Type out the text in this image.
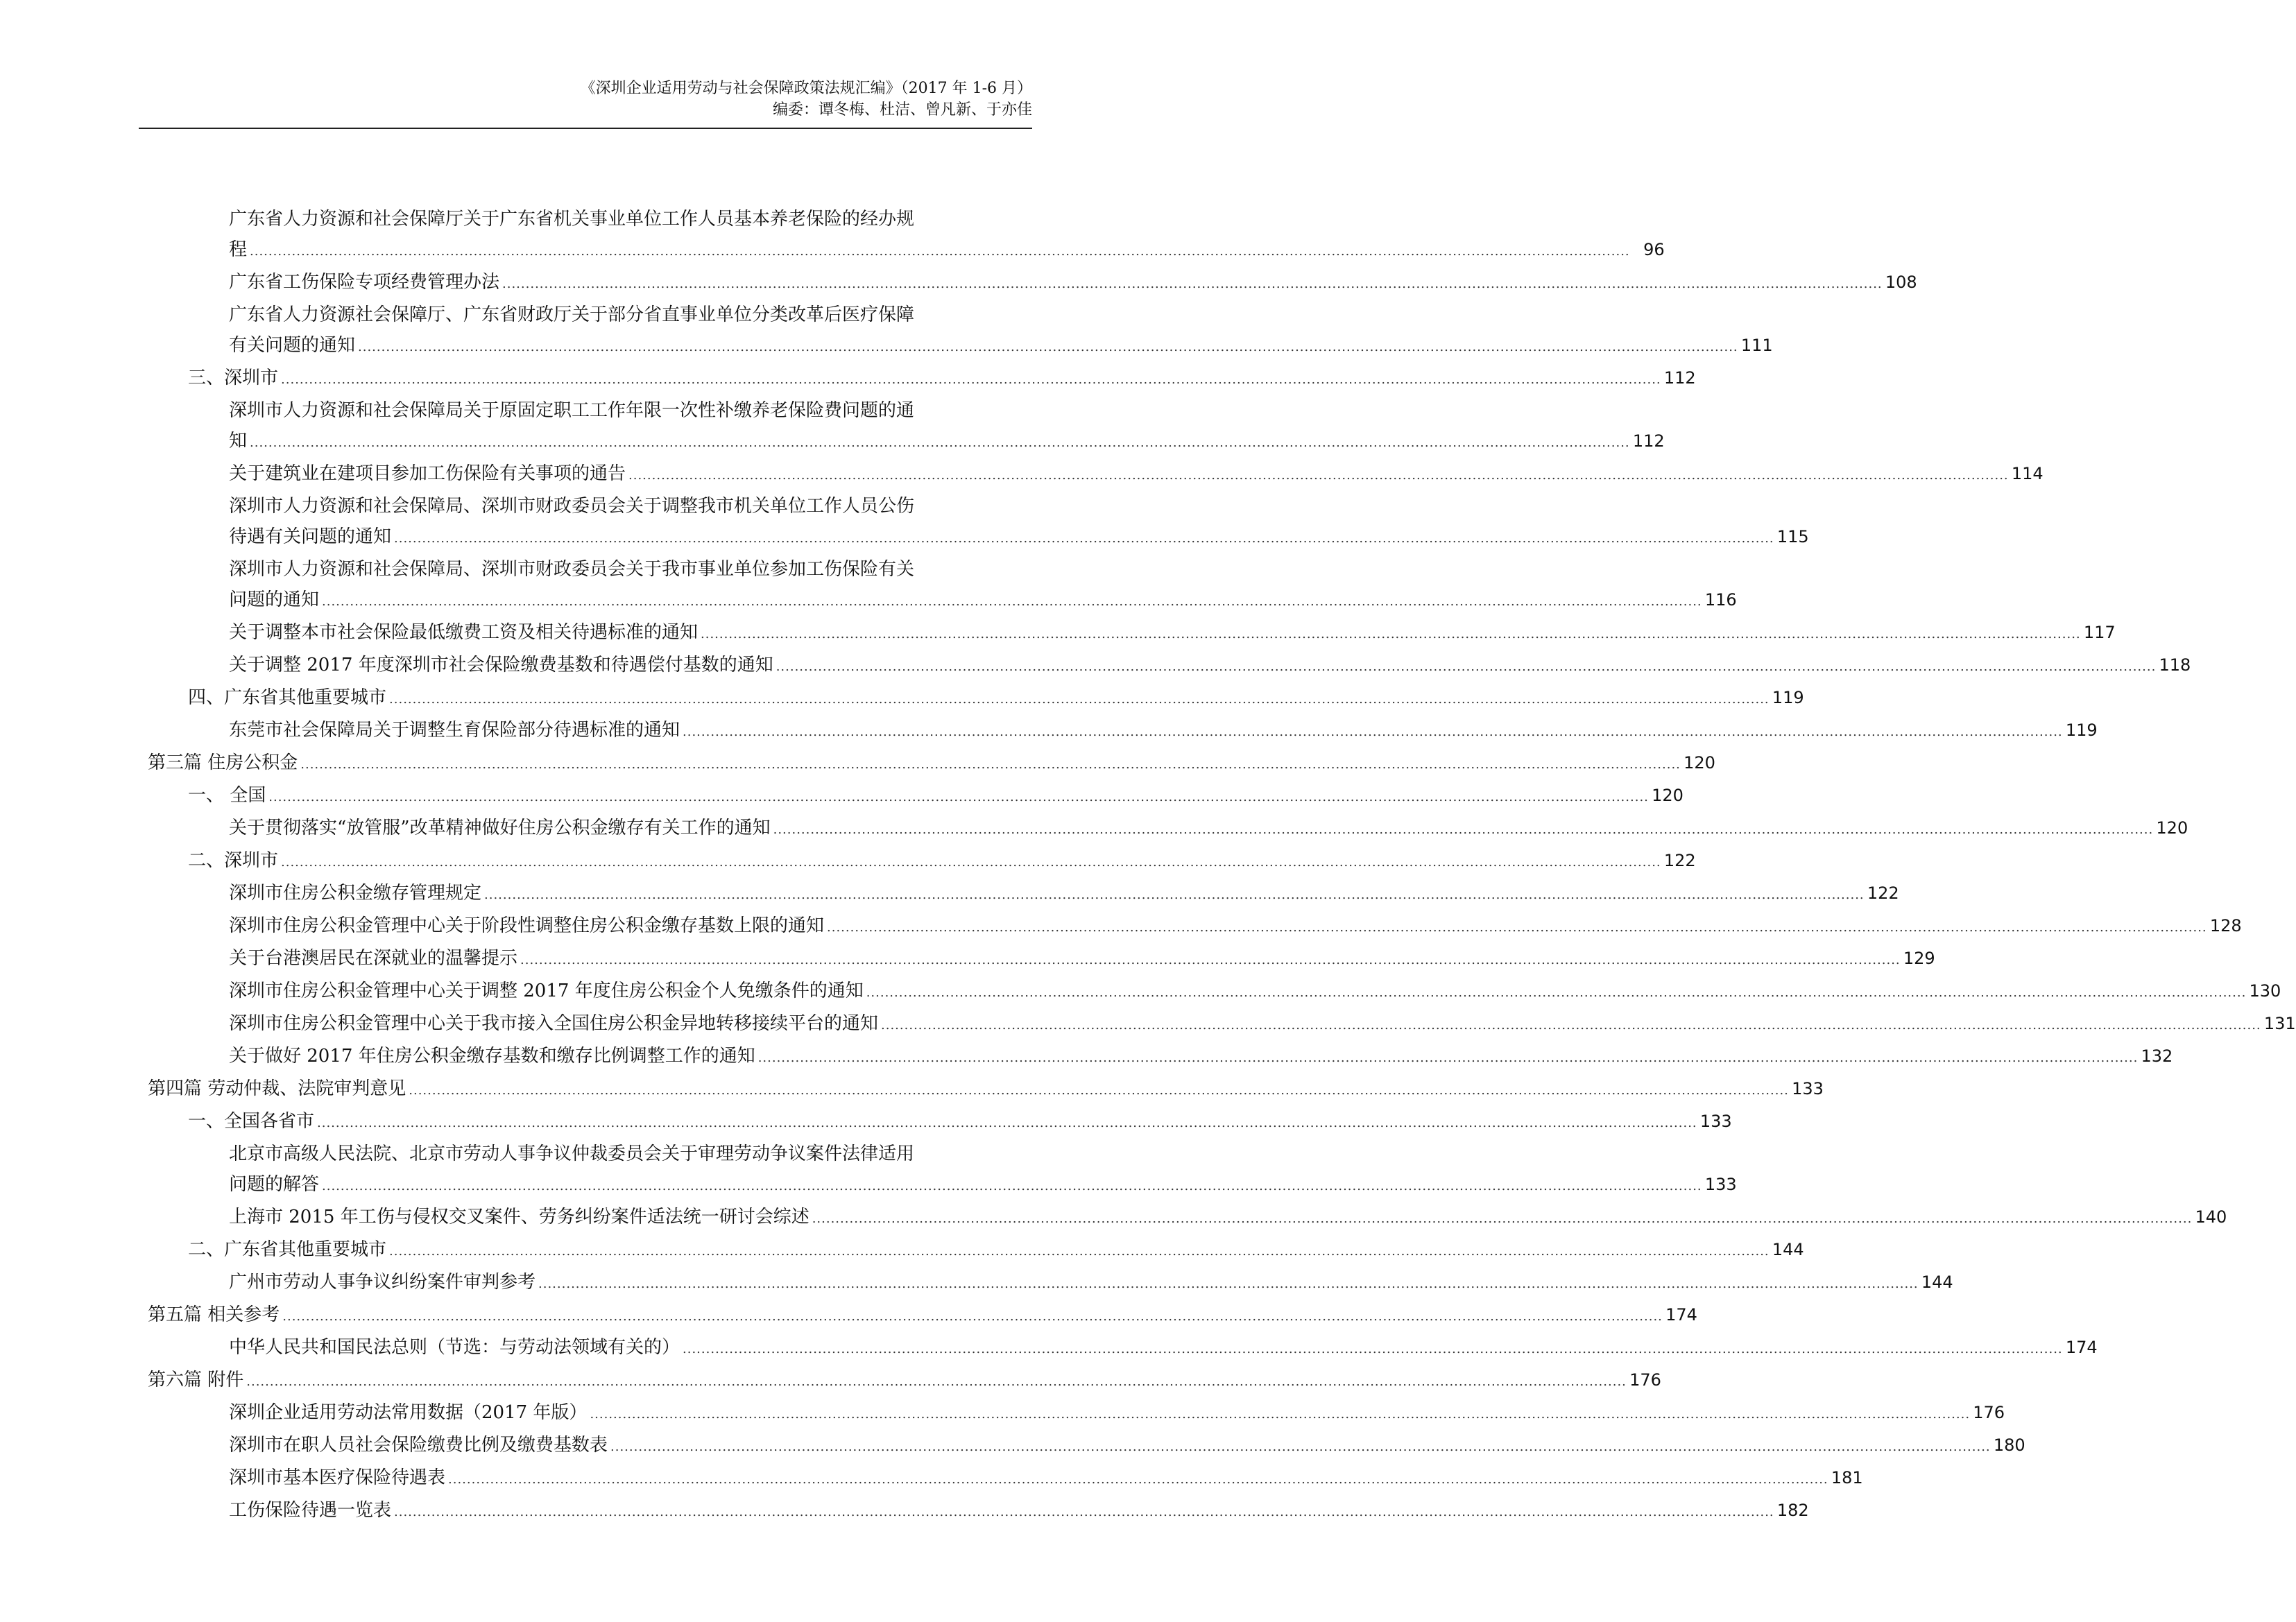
《深圳企业适用劳动与社会保障政策法规汇编》（2017 年 1-6 月）
编委：谭冬梅、杜洁、曾凡新、于亦佳
广东省人力资源和社会保障厅关于广东省机关事业单位工作人员基本养老保险的经办规
程 .....	96
广东省工伤保险专项经费管理办法 .....	108
广东省人力资源社会保障厅、广东省财政厅关于部分省直事业单位分类改革后医疗保障
有关问题的通知 .....	111
三、深圳市 .....	112
深圳市人力资源和社会保障局关于原固定职工工作年限一次性补缴养老保险费问题的通
知 .....	112
关于建筑业在建项目参加工伤保险有关事项的通告 .....	114
深圳市人力资源和社会保障局、深圳市财政委员会关于调整我市机关单位工作人员公伤
待遇有关问题的通知 .....	115
深圳市人力资源和社会保障局、深圳市财政委员会关于我市事业单位参加工伤保险有关
问题的通知 .....	116
关于调整本市社会保险最低缴费工资及相关待遇标准的通知 .....	117
关于调整 2017 年度深圳市社会保险缴费基数和待遇偿付基数的通知 .....	118
四、广东省其他重要城市 .....	119
东莞市社会保障局关于调整生育保险部分待遇标准的通知 .....	119
第三篇 住房公积金 .....	120
一、 全国 .....	120
关于贯彻落实“放管服”改革精神做好住房公积金缴存有关工作的通知 .....	120
二、深圳市 .....	122
深圳市住房公积金缴存管理规定 .....	122
深圳市住房公积金管理中心关于阶段性调整住房公积金缴存基数上限的通知 .....	128
关于台港澳居民在深就业的温馨提示 .....	129
深圳市住房公积金管理中心关于调整 2017 年度住房公积金个人免缴条件的通知 .....	130
深圳市住房公积金管理中心关于我市接入全国住房公积金异地转移接续平台的通知 .....	131
关于做好 2017 年住房公积金缴存基数和缴存比例调整工作的通知 .....	132
第四篇 劳动仲裁、法院审判意见 .....	133
一、全国各省市 .....	133
北京市高级人民法院、北京市劳动人事争议仲裁委员会关于审理劳动争议案件法律适用
问题的解答 .....	133
上海市 2015 年工伤与侵权交叉案件、劳务纠纷案件适法统一研讨会综述 .....	140
二、广东省其他重要城市 .....	144
广州市劳动人事争议纠纷案件审判参考 .....	144
第五篇 相关参考 .....	174
中华人民共和国民法总则（节选：与劳动法领域有关的） .....	174
第六篇 附件 .....	176
深圳企业适用劳动法常用数据（2017 年版） .....	176
深圳市在职人员社会保险缴费比例及缴费基数表 .....	180
深圳市基本医疗保险待遇表 .....	181
工伤保险待遇一览表 .....	182
